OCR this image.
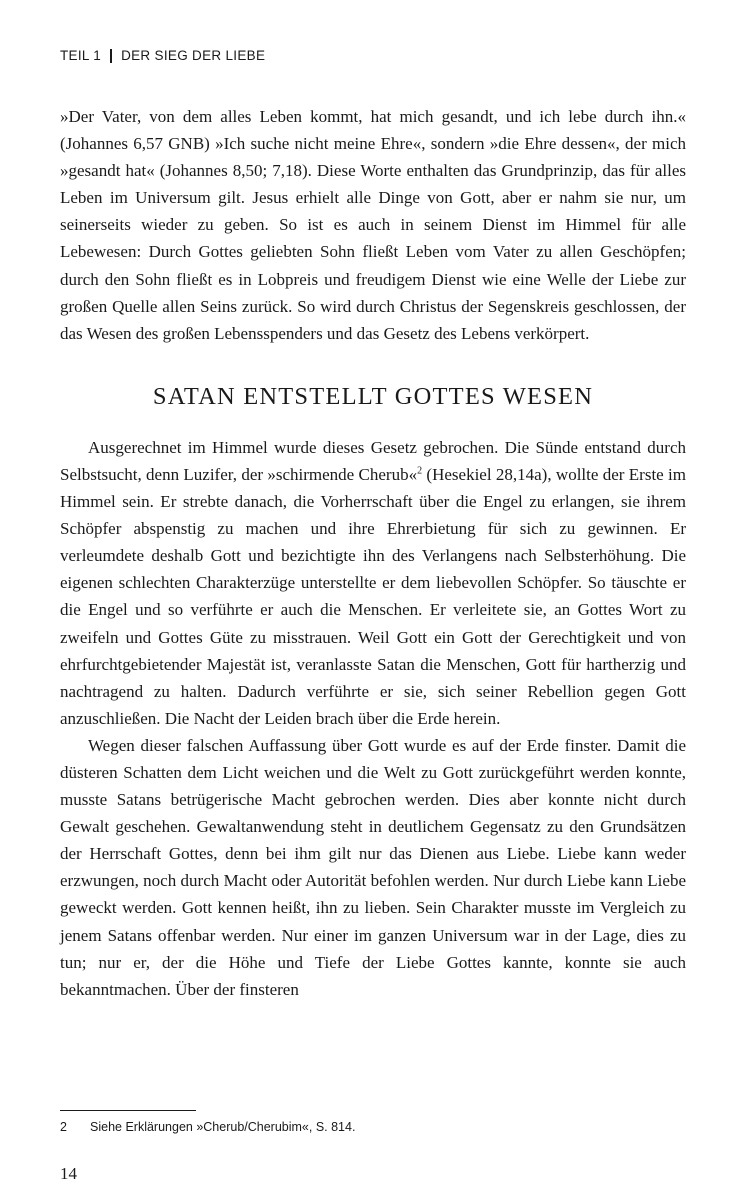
TEIL 1 DER SIEG DER LIEBE

»Der Vater, von dem alles Leben kommt, hat mich gesandt, und ich lebe durch ihn.« (Johannes 6,57 GNB) »Ich suche nicht meine Ehre«, sondern »die Ehre dessen«, der mich »gesandt hat« (Johannes 8,50; 7,18). Diese Worte enthalten das Grundprinzip, das für alles Leben im Universum gilt. Jesus erhielt alle Dinge von Gott, aber er nahm sie nur, um seinerseits wieder zu geben. So ist es auch in seinem Dienst im Himmel für alle Lebewesen: Durch Gottes geliebten Sohn fließt Leben vom Vater zu allen Geschöpfen; durch den Sohn fließt es in Lobpreis und freudigem Dienst wie eine Welle der Liebe zur großen Quelle allen Seins zurück. So wird durch Christus der Segenskreis geschlossen, der das Wesen des großen Lebensspenders und das Gesetz des Lebens verkörpert.

SATAN ENTSTELLT GOTTES WESEN

Ausgerechnet im Himmel wurde dieses Gesetz gebrochen. Die Sünde entstand durch Selbstsucht, denn Luzifer, der »schirmende Cherub«$^2$ (Hesekiel 28,14a), wollte der Erste im Himmel sein. Er strebte danach, die Vorherrschaft über die Engel zu erlangen, sie ihrem Schöpfer abspenstig zu machen und ihre Ehrerbietung für sich zu gewinnen. Er verleumdete deshalb Gott und bezichtigte ihn des Verlangens nach Selbsterhöhung. Die eigenen schlechten Charakterzüge unterstellte er dem liebevollen Schöpfer. So täuschte er die Engel und so verführte er auch die Menschen. Er verleitete sie, an Gottes Wort zu zweifeln und Gottes Güte zu misstrauen. Weil Gott ein Gott der Gerechtigkeit und von ehrfurchtgebietender Majestät ist, veranlasste Satan die Menschen, Gott für hartherzig und nachtragend zu halten. Dadurch verführte er sie, sich seiner Rebellion gegen Gott anzuschließen. Die Nacht der Leiden brach über die Erde herein.

Wegen dieser falschen Auffassung über Gott wurde es auf der Erde finster. Damit die düsteren Schatten dem Licht weichen und die Welt zu Gott zurückgeführt werden konnte, musste Satans betrügerische Macht gebrochen werden. Dies aber konnte nicht durch Gewalt geschehen. Gewaltanwendung steht in deutlichem Gegensatz zu den Grundsätzen der Herrschaft Gottes, denn bei ihm gilt nur das Dienen aus Liebe. Liebe kann weder erzwungen, noch durch Macht oder Autorität befohlen werden. Nur durch Liebe kann Liebe geweckt werden. Gott kennen heißt, ihn zu lieben. Sein Charakter musste im Vergleich zu jenem Satans offenbar werden. Nur einer im ganzen Universum war in der Lage, dies zu tun; nur er, der die Höhe und Tiefe der Liebe Gottes kannte, konnte sie auch bekanntmachen. Über der finsteren

2 Siehe Erklärungen »Cherub/Cherubim«, S. 814.
14
